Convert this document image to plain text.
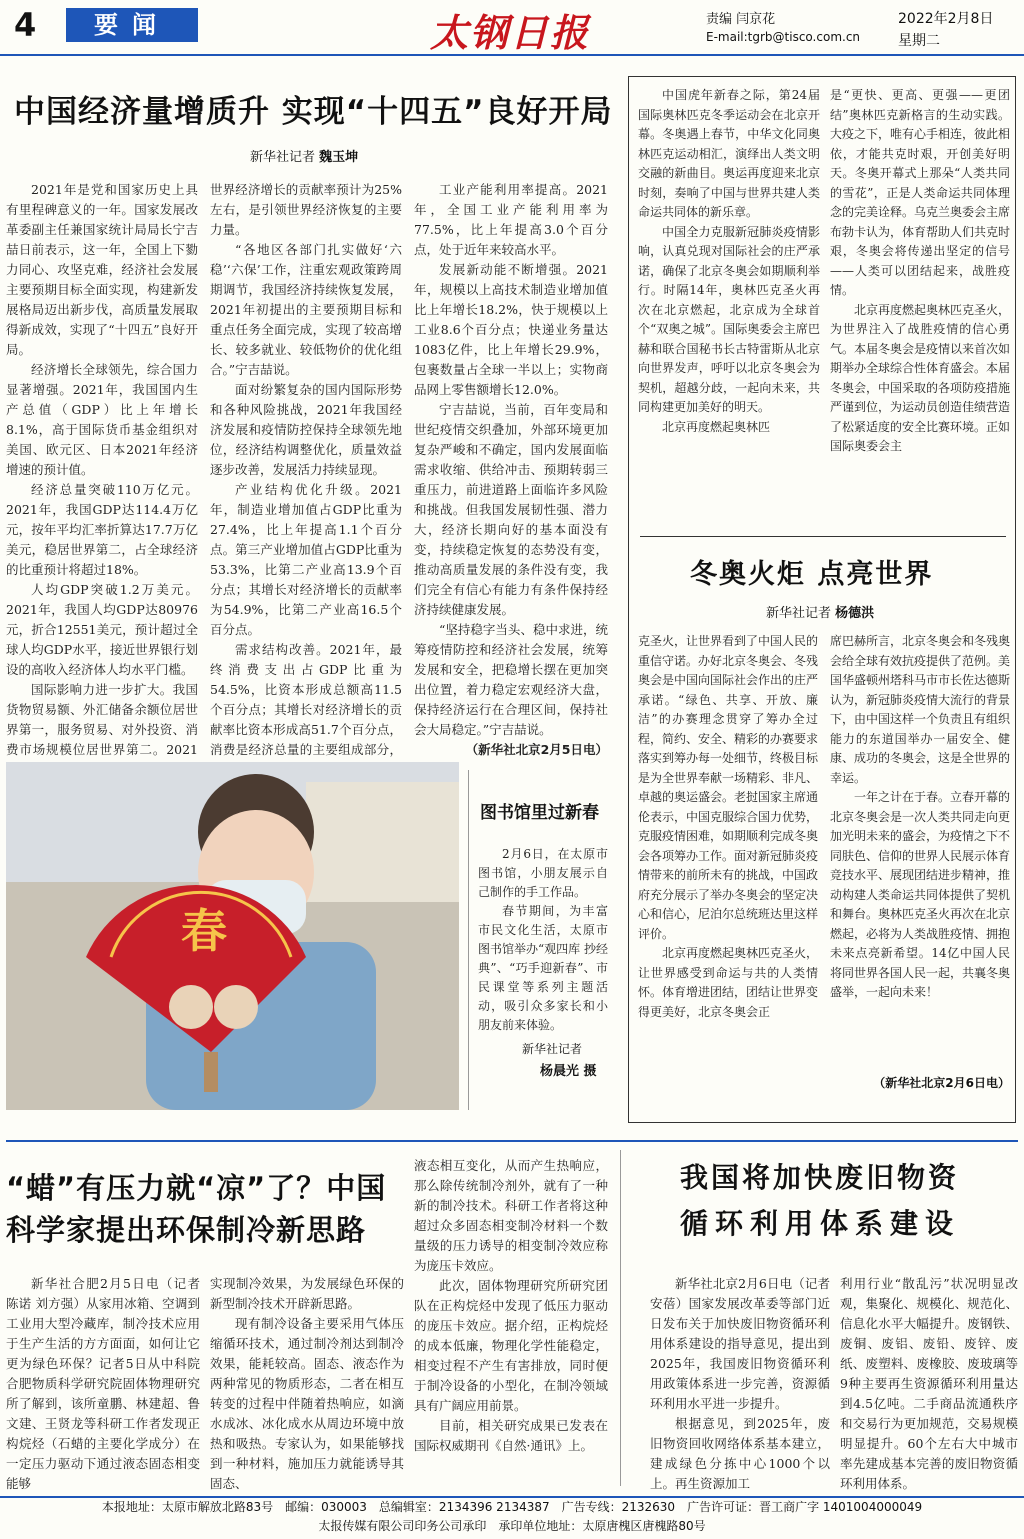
4	要闻	太钢日报	责编 闫京花
E-mail:tgrb@tisco.com.cn
2022年2月8日
星期二
中国经济量增质升 实现“十四五”良好开局
新华社记者 魏玉坤

2021年是党和国家历史上具有里程碑意义的一年。国家发展改革委副主任兼国家统计局局长宁吉喆日前表示，这一年，全国上下勠力同心、攻坚克难，经济社会发展主要预期目标全面实现，构建新发展格局迈出新步伐，高质量发展取得新成效，实现了“十四五”良好开局。

经济增长全球领先，综合国力显著增强。2021年，我国国内生产总值（GDP）比上年增长8.1%，高于国际货币基金组织对美国、欧元区、日本2021年经济增速的预计值。

经济总量突破110万亿元。2021年，我国GDP达114.4万亿元，按年平均汇率折算达17.7万亿美元，稳居世界第二，占全球经济的比重预计将超过18%。

人均GDP突破1.2万美元。2021年，我国人均GDP达80976元，折合12551美元，预计超过全球人均GDP水平，接近世界银行划设的高收入经济体人均水平门槛。

国际影响力进一步扩大。我国货物贸易额、外汇储备余额位居世界第一，服务贸易、对外投资、消费市场规模位居世界第二。2021

世界经济增长的贡献率预计为25%左右，是引领世界经济恢复的主要力量。

“各地区各部门扎实做好‘六稳’‘六保’工作，注重宏观政策跨周期调节，我国经济持续恢复发展，2021年初提出的主要预期目标和重点任务全面完成，实现了较高增长、较多就业、较低物价的优化组合。”宁吉喆说。

面对纷繁复杂的国内国际形势和各种风险挑战，2021年我国经济发展和疫情防控保持全球领先地位，经济结构调整优化，质量效益逐步改善，发展活力持续显现。

产业结构优化升级。2021年，制造业增加值占GDP比重为27.4%，比上年提高1.1个百分点。第三产业增加值占GDP比重为53.3%，比第二产业高13.9个百分点；其增长对经济增长的贡献率为54.9%，比第二产业高16.5个百分点。

需求结构改善。2021年，最终消费支出占GDP比重为54.5%，比资本形成总额高11.5个百分点；其增长对经济增长的贡献率比资本形成高51.7个百分点，消费是经济总量的主要组成部分，

工业产能利用率提高。2021年，全国工业产能利用率为77.5%，比上年提高3.0个百分点，处于近年来较高水平。

发展新动能不断增强。2021年，规模以上高技术制造业增加值比上年增长18.2%，快于规模以上工业8.6个百分点；快递业务量达1083亿件，比上年增长29.9%，包裹数量占全球一半以上；实物商品网上零售额增长12.0%。

宁吉喆说，当前，百年变局和世纪疫情交织叠加，外部环境更加复杂严峻和不确定，国内发展面临需求收缩、供给冲击、预期转弱三重压力，前进道路上面临许多风险和挑战。但我国发展韧性强、潜力大，经济长期向好的基本面没有变，持续稳定恢复的态势没有变，推动高质量发展的条件没有变，我们完全有信心有能力有条件保持经济持续健康发展。

“坚持稳字当头、稳中求进，统筹疫情防控和经济社会发展，统筹发展和安全，把稳增长摆在更加突出位置，着力稳定宏观经济大盘，保持经济运行在合理区间，保持社会大局稳定。”宁吉喆说。

（新华社北京2月5日电）

春
图书馆里过新春

2月6日，在太原市图书馆，小朋友展示自己制作的手工作品。

春节期间，为丰富市民文化生活，太原市图书馆举办“观四库 抄经典”、“巧手迎新春”、市民课堂等系列主题活动，吸引众多家长和小朋友前来体验。

新华社记者
杨晨光 摄

中国虎年新春之际，第24届国际奥林匹克冬季运动会在北京开幕。冬奥遇上春节，中华文化同奥林匹克运动相汇，演绎出人类文明交融的新曲目。奥运再度迎来北京时刻，奏响了中国与世界共建人类命运共同体的新乐章。

中国全力克服新冠肺炎疫情影响，认真兑现对国际社会的庄严承诺，确保了北京冬奥会如期顺利举行。时隔14年，奥林匹克圣火再次在北京燃起，北京成为全球首个“双奥之城”。国际奥委会主席巴赫和联合国秘书长古特雷斯从北京向世界发声，呼吁以北京冬奥会为契机，超越分歧，一起向未来，共同构建更加美好的明天。

北京再度燃起奥林匹

是“更快、更高、更强——更团结”奥林匹克新格言的生动实践。大疫之下，唯有心手相连，彼此相依，才能共克时艰，开创美好明天。冬奥开幕式上那朵“人类共同的雪花”，正是人类命运共同体理念的完美诠释。乌克兰奥委会主席布勃卡认为，体育帮助人们共克时艰，冬奥会将传递出坚定的信号——人类可以团结起来，战胜疫情。

北京再度燃起奥林匹克圣火，为世界注入了战胜疫情的信心勇气。本届冬奥会是疫情以来首次如期举办全球综合性体育盛会。本届冬奥会，中国采取的各项防疫措施严谨到位，为运动员创造佳绩营造了松紧适度的安全比赛环境。正如国际奥委会主

冬奥火炬 点亮世界
新华社记者 杨德洪

克圣火，让世界看到了中国人民的重信守诺。办好北京冬奥会、冬残奥会是中国向国际社会作出的庄严承诺。“绿色、共享、开放、廉洁”的办赛理念贯穿了筹办全过程，简约、安全、精彩的办赛要求落实到筹办每一处细节，终极目标是为全世界奉献一场精彩、非凡、卓越的奥运盛会。老挝国家主席通伦表示，中国克服综合国力优势，克服疫情困难，如期顺利完成冬奥会各项筹办工作。面对新冠肺炎疫情带来的前所未有的挑战，中国政府充分展示了举办冬奥会的坚定决心和信心，尼泊尔总统班达里这样评价。

北京再度燃起奥林匹克圣火，让世界感受到命运与共的人类情怀。体育增进团结，团结让世界变得更美好，北京冬奥会正

席巴赫所言，北京冬奥会和冬残奥会给全球有效抗疫提供了范例。美国华盛顿州塔科马市市长佐达德斯认为，新冠肺炎疫情大流行的背景下，由中国这样一个负责且有组织能力的东道国举办一届安全、健康、成功的冬奥会，这是全世界的幸运。

一年之计在于春。立春开幕的北京冬奥会是一次人类共同走向更加光明未来的盛会，为疫情之下不同肤色、信仰的世界人民展示体育竞技水平、展现团结进步精神，推动构建人类命运共同体提供了契机和舞台。奥林匹克圣火再次在北京燃起，必将为人类战胜疫情、拥抱未来点亮新希望。14亿中国人民将同世界各国人民一起，共襄冬奥盛举，一起向未来！

（新华社北京2月6日电）
“蜡”有压力就“凉”了？中国
科学家提出环保制冷新思路

新华社合肥2月5日电（记者 陈诺 刘方强）从家用冰箱、空调到工业用大型冷藏库，制冷技术应用于生产生活的方方面面，如何让它更为绿色环保？记者5日从中科院合肥物质科学研究院固体物理研究所了解到，该所童鹏、林建超、鲁文建、王贤龙等科研工作者发现正构烷烃（石蜡的主要化学成分）在一定压力驱动下通过液态固态相变能够

实现制冷效果，为发展绿色环保的新型制冷技术开辟新思路。

现有制冷设备主要采用气体压缩循环技术，通过制冷剂达到制冷效果，能耗较高。固态、液态作为两种常见的物质形态，二者在相互转变的过程中伴随着热响应，如滴水成冰、冰化成水从周边环境中放热和吸热。专家认为，如果能够找到一种材料，施加压力就能诱导其固态、

液态相互变化，从而产生热响应，那么除传统制冷剂外，就有了一种新的制冷技术。科研工作者将这种超过众多固态相变制冷材料一个数量级的压力诱导的相变制冷效应称为庞压卡效应。

此次，固体物理研究所研究团队在正构烷烃中发现了低压力驱动的庞压卡效应。据介绍，正构烷烃的成本低廉，物理化学性能稳定，相变过程不产生有害排放，同时便于制冷设备的小型化，在制冷领域具有广阔应用前景。

目前，相关研究成果已发表在国际权威期刊《自然·通讯》上。

我国将加快废旧物资
循环利用体系建设

新华社北京2月6日电（记者 安蓓）国家发展改革委等部门近日发布关于加快废旧物资循环利用体系建设的指导意见，提出到2025年，我国废旧物资循环利用政策体系进一步完善，资源循环利用水平进一步提升。

根据意见，到2025年，废旧物资回收网络体系基本建立，建成绿色分拣中心1000个以上。再生资源加工

利用行业“散乱污”状况明显改观，集聚化、规模化、规范化、信息化水平大幅提升。废钢铁、废铜、废铝、废铅、废锌、废纸、废塑料、废橡胶、废玻璃等9种主要再生资源循环利用量达到4.5亿吨。二手商品流通秩序和交易行为更加规范，交易规模明显提升。60个左右大中城市率先建成基本完善的废旧物资循环利用体系。

本报地址：太原市解放北路83号　邮编：030003　总编辑室：2134396 2134387　广告专线：2132630　广告许可证：晋工商广字 1401004000049
太报传媒有限公司印务公司承印　承印单位地址：太原唐槐区唐槐路80号
